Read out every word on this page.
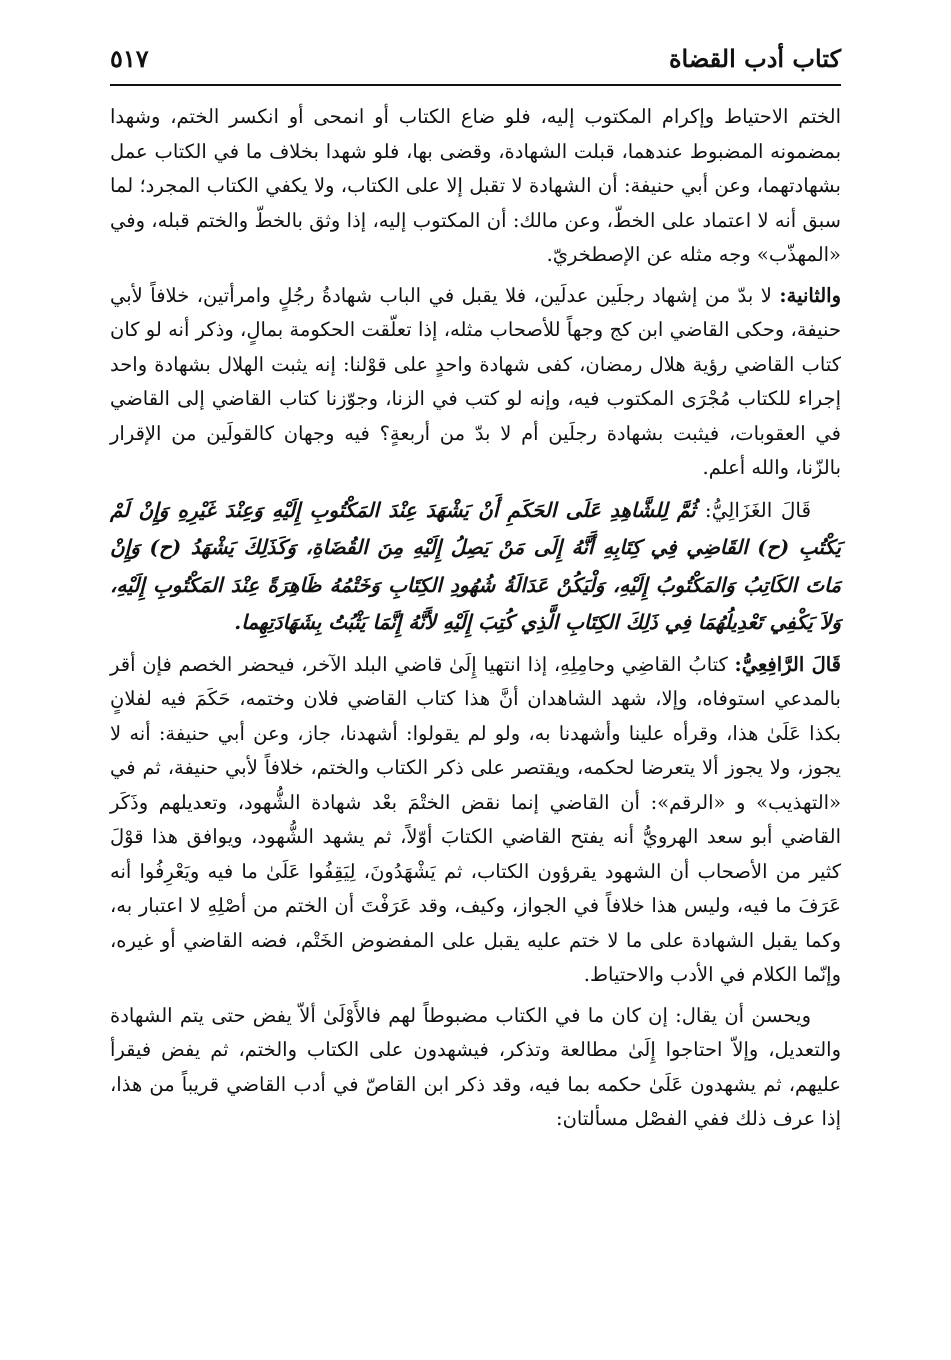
كتاب أدب القضاة
٥١٧

الختم الاحتياط وإكرام المكتوب إليه، فلو ضاع الكتاب أو انمحى أو انكسر الختم، وشهدا بمضمونه المضبوط عندهما، قبلت الشهادة، وقضى بها، فلو شهدا بخلاف ما في الكتاب عمل بشهادتهما، وعن أبي حنيفة: أن الشهادة لا تقبل إلا على الكتاب، ولا يكفي الكتاب المجرد؛ لما سبق أنه لا اعتماد على الخطّ، وعن مالك: أن المكتوب إليه، إذا وثق بالخطّ والختم قبله، وفي «المهذّب» وجه مثله عن الإصطخريّ.

والثانية: لا بدّ من إشهاد رجلَين عدلَين، فلا يقبل في الباب شهادةُ رجُلٍ وامرأتين، خلافاً لأبي حنيفة، وحكى القاضي ابن كج وجهاً للأصحاب مثله، إذا تعلّقت الحكومة بمالٍ، وذكر أنه لو كان كتاب القاضي رؤية هلال رمضان، كفى شهادة واحدٍ على قوْلنا: إنه يثبت الهلال بشهادة واحد إجراء للكتاب مُجْرَى المكتوب فيه، وإنه لو كتب في الزنا، وجوّزنا كتاب القاضي إلى القاضي في العقوبات، فيثبت بشهادة رجلَين أم لا بدّ من أربعةٍ؟ فيه وجهان كالقولَين من الإقرار بالزّنا، والله أعلم.

قَالَ الغَزَالِيُّ: ثُمَّ لِلشَّاهِدِ عَلَى الحَكَمِ أَنْ يَشْهَدَ عِنْدَ المَكْتُوبِ إِلَيْهِ وَعِنْدَ غَيْرِهِ وَإِنْ لَمْ يَكْتُبِ (ح) القَاضِي فِي كِتَابِهِ أَنَّهُ إِلَى مَنْ يَصِلُ إِلَيْهِ مِنَ القُضَاةِ، وَكَذَلِكَ يَشْهَدُ (ح) وَإِنْ مَاتَ الكَاتِبُ وَالمَكْتُوبُ إِلَيْهِ، وَلْيَكُنْ عَدَالَةُ شُهُودِ الكِتَابِ وَخَتْمُهُ ظَاهِرَةً عِنْدَ المَكْتُوبِ إِلَيْهِ، وَلاَ يَكْفِي تَعْدِيلُهُمَا فِي ذَلِكَ الكِتَابِ الَّذِي كُتِبَ إِلَيْهِ لأَنَّهُ إِنَّمَا يَثْبُتُ بِشَهَادَتِهِما.

قَالَ الرَّافِعِيُّ: كتابُ القاضِي وحامِلِهِ، إذا انتهيا إِلَىٰ قاضي البلد الآخر، فيحضر الخصم فإن أقر بالمدعي استوفاه، وإلا، شهد الشاهدان أنَّ هذا كتاب القاضي فلان وختمه، حَكَمَ فيه لفلانٍ بكذا عَلَىٰ هذا، وقرأه علينا وأشهدنا به، ولو لم يقولوا: أشهدنا، جاز، وعن أبي حنيفة: أنه لا يجوز، ولا يجوز ألا يتعرضا لحكمه، ويقتصر على ذكر الكتاب والختم، خلافاً لأبي حنيفة، ثم في «التهذيب» و «الرقم»: أن القاضي إنما نقض الختْمَ بعْد شهادة الشُّهود، وتعديلهم وذَكَر القاضي أبو سعد الهرويُّ أنه يفتح القاضي الكتابَ أوّلاً، ثم يشهد الشُّهود، ويوافق هذا قوْلَ كثير من الأصحاب أن الشهود يقرؤون الكتاب، ثم يَشْهَدُونَ، لِيَقِفُوا عَلَىٰ ما فيه ويَعْرِفُوا أنه عَرَفَ ما فيه، وليس هذا خلافاً في الجواز، وكيف، وقد عَرَفْتَ أن الختم من أصْلِهِ لا اعتبار به، وكما يقبل الشهادة على ما لا ختم عليه يقبل على المفضوض الخَتْم، فضه القاضي أو غيره، وإنّما الكلام في الأدب والاحتياط.

ويحسن أن يقال: إن كان ما في الكتاب مضبوطاً لهم فالأَوْلَىٰ ألاّ يفض حتى يتم الشهادة والتعديل، وإلاّ احتاجوا إِلَىٰ مطالعة وتذكر، فيشهدون على الكتاب والختم، ثم يفض فيقرأ عليهم، ثم يشهدون عَلَىٰ حكمه بما فيه، وقد ذكر ابن القاصّ في أدب القاضي قريباً من هذا، إذا عرف ذلك ففي الفصْل مسألتان:
